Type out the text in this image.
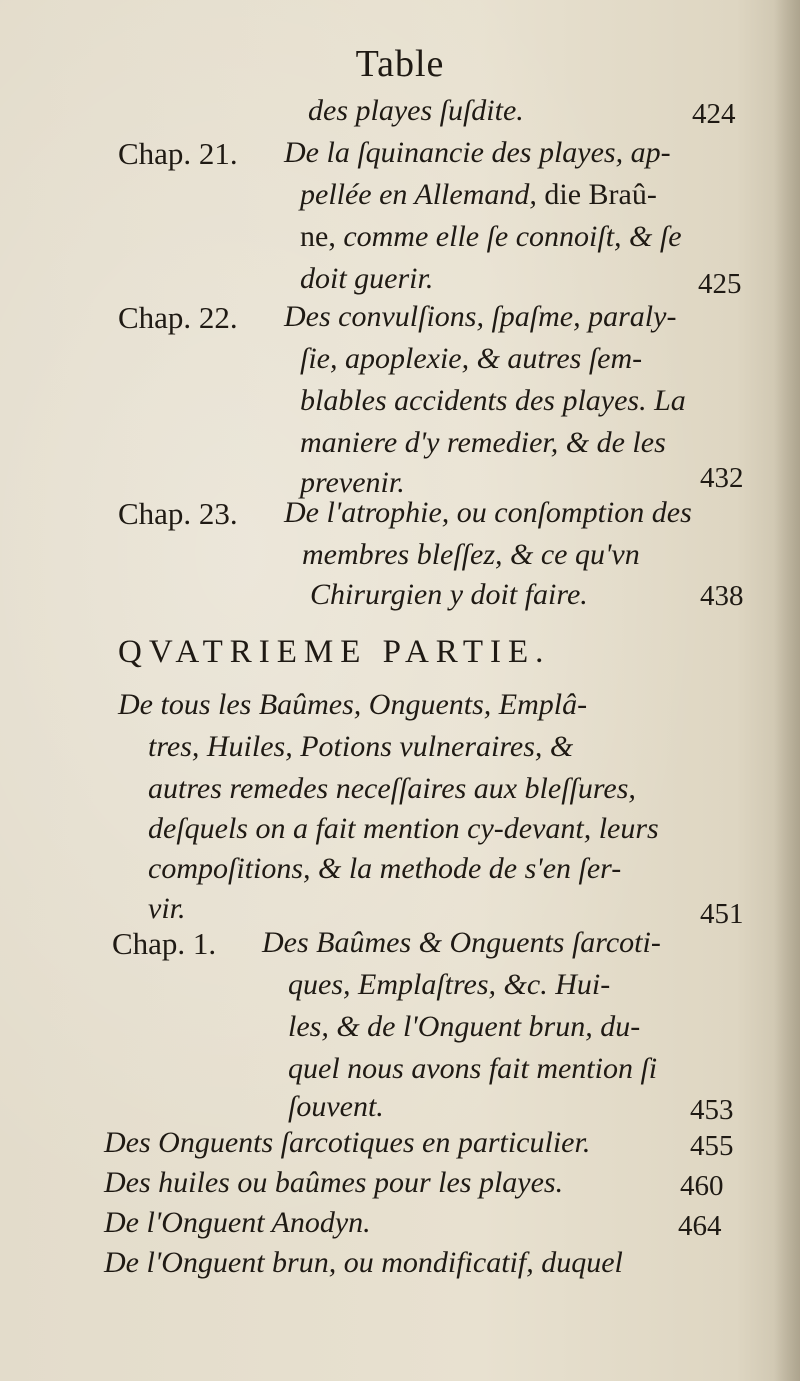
Table
des playes ſuſdite.	424
Chap. 21. De la ſquinancie des playes, ap-
pellée en Allemand, die Braû-
ne, comme elle ſe connoiſt, & ſe
doit guerir.	425
Chap. 22. Des convulſions, ſpaſme, paraly-
ſie, apoplexie, & autres ſem-
blables accidents des playes. La
maniere d'y remedier, & de les
prevenir.	432
Chap. 23. De l'atrophie, ou conſomption des
membres bleſſez, & ce qu'vn
Chirurgien y doit faire.	438
QVATRIEME PARTIE.
De tous les Baûmes, Onguents, Emplâ-
tres, Huiles, Potions vulneraires, &
autres remedes neceſſaires aux bleſſures,
deſquels on a fait mention cy-devant, leurs
compoſitions, & la methode de s'en ſer-
vir.	451
Chap. 1. Des Baûmes & Onguents ſarcoti-
ques, Emplaſtres, &c. Hui-
les, & de l'Onguent brun, du-
quel nous avons fait mention ſi
ſouvent.	453
Des Onguents ſarcotiques en particulier.	455
Des huiles ou baûmes pour les playes.	460
De l'Onguent Anodyn.	464
De l'Onguent brun, ou mondificatif, duquel
